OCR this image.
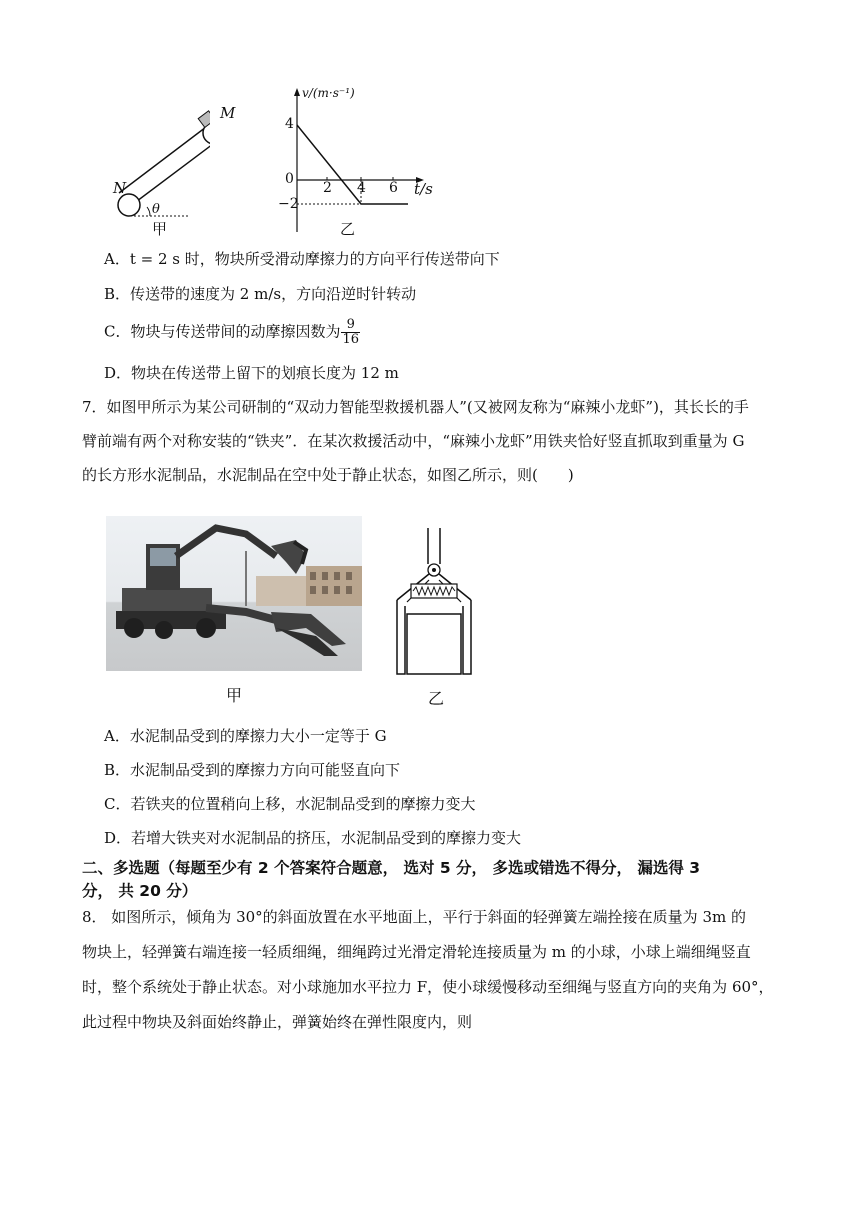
M
N
θ
甲
v/(m·s⁻¹)
t/s
4
0
−2
2 4 6
乙
A．t = 2 s 时，物块所受滑动摩擦力的方向平行传送带向下
B．传送带的速度为 2 m/s，方向沿逆时针转动
C．物块与传送带间的动摩擦因数为 $\frac{9}{16}$
D．物块在传送带上留下的划痕长度为 12 m
7．如图甲所示为某公司研制的“双动力智能型救援机器人”(又被网友称为“麻辣小龙虾”)，其长长的手
臂前端有两个对称安装的“铁夹”．在某次救援活动中，“麻辣小龙虾”用铁夹恰好竖直抓取到重量为 G
的长方形水泥制品，水泥制品在空中处于静止状态，如图乙所示，则(　　)
甲	乙
A．水泥制品受到的摩擦力大小一定等于 G
B．水泥制品受到的摩擦力方向可能竖直向下
C．若铁夹的位置稍向上移，水泥制品受到的摩擦力变大
D．若增大铁夹对水泥制品的挤压，水泥制品受到的摩擦力变大
二、多选题（每题至少有 2 个答案符合题意， 选对 5 分， 多选或错选不得分， 漏选得 3
分， 共 20 分）
8． 如图所示，倾角为 30°的斜面放置在水平地面上，平行于斜面的轻弹簧左端拴接在质量为 3m 的
物块上，轻弹簧右端连接一轻质细绳，细绳跨过光滑定滑轮连接质量为 m 的小球，小球上端细绳竖直
时，整个系统处于静止状态。对小球施加水平拉力 F，使小球缓慢移动至细绳与竖直方向的夹角为 60°，
此过程中物块及斜面始终静止，弹簧始终在弹性限度内，则
